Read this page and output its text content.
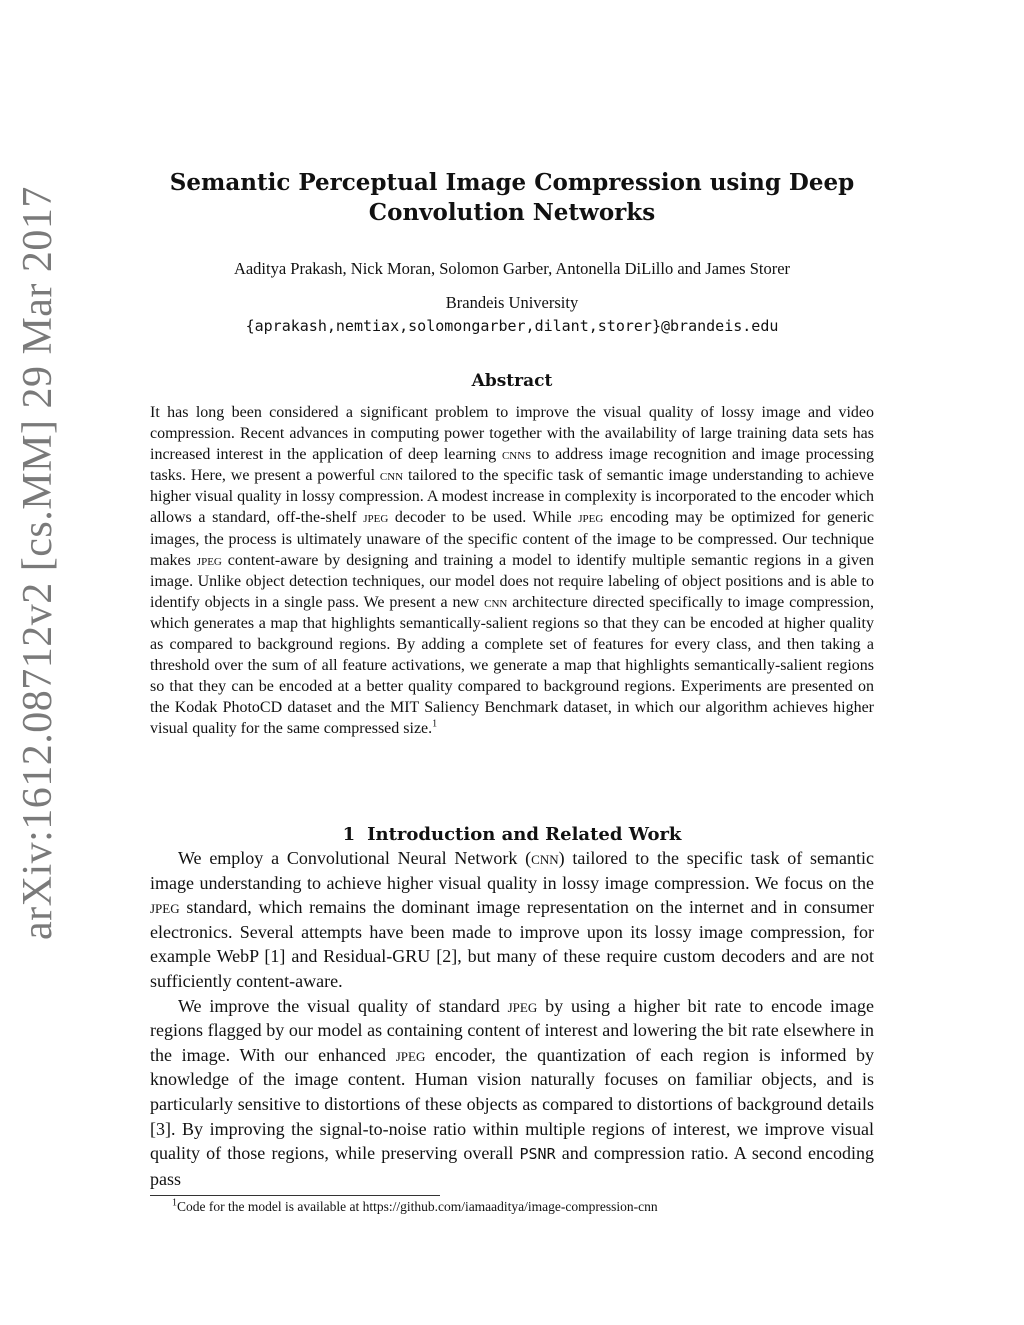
arXiv:1612.08712v2 [cs.MM] 29 Mar 2017
Semantic Perceptual Image Compression using Deep
Convolution Networks
Aaditya Prakash, Nick Moran, Solomon Garber, Antonella DiLillo and James Storer
Brandeis University
{aprakash,nemtiax,solomongarber,dilant,storer}@brandeis.edu
Abstract

It has long been considered a significant problem to improve the visual quality of lossy image and video compression. Recent advances in computing power together with the availability of large training data sets has increased interest in the application of deep learning cnns to address image recognition and image processing tasks. Here, we present a powerful cnn tailored to the specific task of semantic image understanding to achieve higher visual quality in lossy compression. A modest increase in complexity is incorporated to the encoder which allows a standard, off-the-shelf jpeg decoder to be used. While jpeg encoding may be optimized for generic images, the process is ultimately unaware of the specific content of the image to be compressed. Our technique makes jpeg content-aware by designing and training a model to identify multiple semantic regions in a given image. Unlike object detection techniques, our model does not require labeling of object positions and is able to identify objects in a single pass. We present a new cnn architecture directed specifically to image compression, which generates a map that highlights semantically-salient regions so that they can be encoded at higher quality as compared to background regions. By adding a complete set of features for every class, and then taking a threshold over the sum of all feature activations, we generate a map that highlights semantically-salient regions so that they can be encoded at a better quality compared to background regions. Experiments are presented on the Kodak PhotoCD dataset and the MIT Saliency Benchmark dataset, in which our algorithm achieves higher visual quality for the same compressed size.$^1$

1 Introduction and Related Work

We employ a Convolutional Neural Network (cnn) tailored to the specific task of semantic image understanding to achieve higher visual quality in lossy image compression. We focus on the jpeg standard, which remains the dominant image representation on the internet and in consumer electronics. Several attempts have been made to improve upon its lossy image compression, for example WebP [1] and Residual-GRU [2], but many of these require custom decoders and are not sufficiently content-aware.

We improve the visual quality of standard jpeg by using a higher bit rate to encode image regions flagged by our model as containing content of interest and lowering the bit rate elsewhere in the image. With our enhanced jpeg encoder, the quantization of each region is informed by knowledge of the image content. Human vision naturally focuses on familiar objects, and is particularly sensitive to distortions of these objects as compared to distortions of background details [3]. By improving the signal-to-noise ratio within multiple regions of interest, we improve visual quality of those regions, while preserving overall PSNR and compression ratio. A second encoding pass

$^1$Code for the model is available at https://github.com/iamaaditya/image-compression-cnn
